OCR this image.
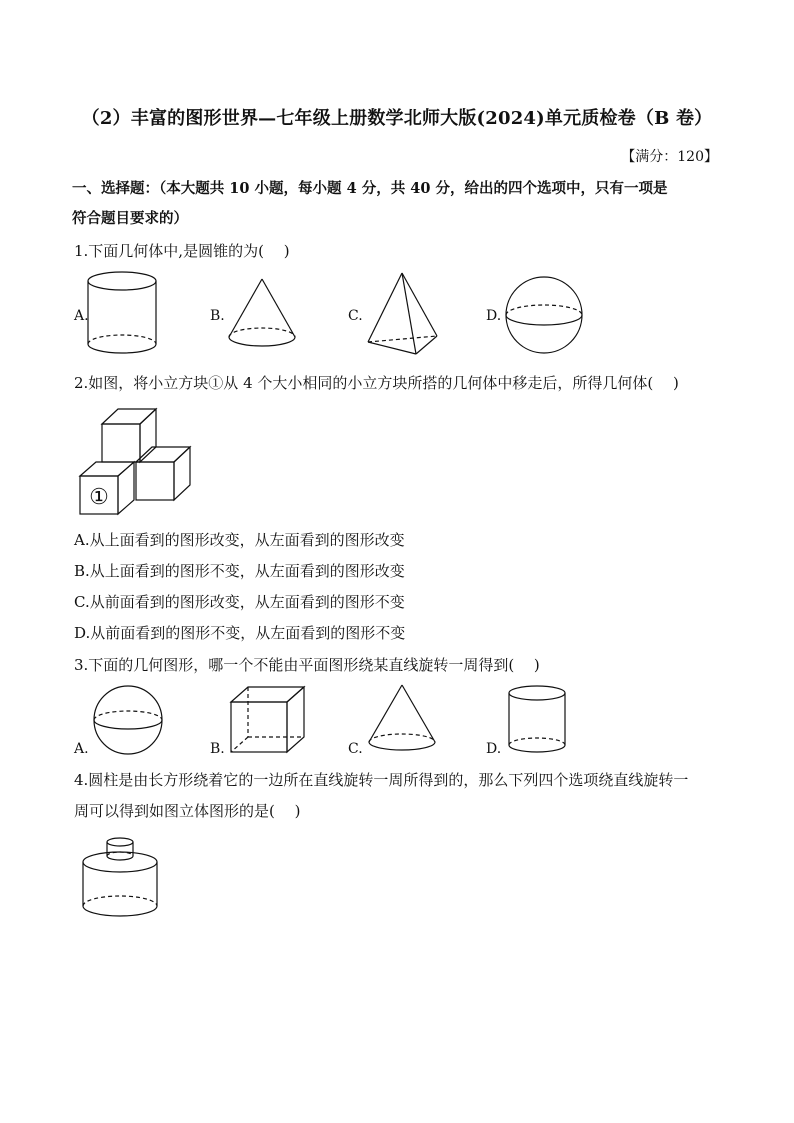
（2）丰富的图形世界—七年级上册数学北师大版(2024)单元质检卷（B 卷）
【满分：120】
一、选择题：（本大题共 10 小题，每小题 4 分，共 40 分，给出的四个选项中，只有一项是
符合题目要求的）
1.下面几何体中,是圆锥的为(　 )
A.	B.	C.	D.
2.如图，将小立方块①从 4 个大小相同的小立方块所搭的几何体中移走后，所得几何体(　 )
①
A.从上面看到的图形改变，从左面看到的图形改变
B.从上面看到的图形不变，从左面看到的图形改变
C.从前面看到的图形改变，从左面看到的图形不变
D.从前面看到的图形不变，从左面看到的图形不变
3.下面的几何图形，哪一个不能由平面图形绕某直线旋转一周得到(　 )
A.	B.	C.	D.
4.圆柱是由长方形绕着它的一边所在直线旋转一周所得到的，那么下列四个选项绕直线旋转一
周可以得到如图立体图形的是(　 )
